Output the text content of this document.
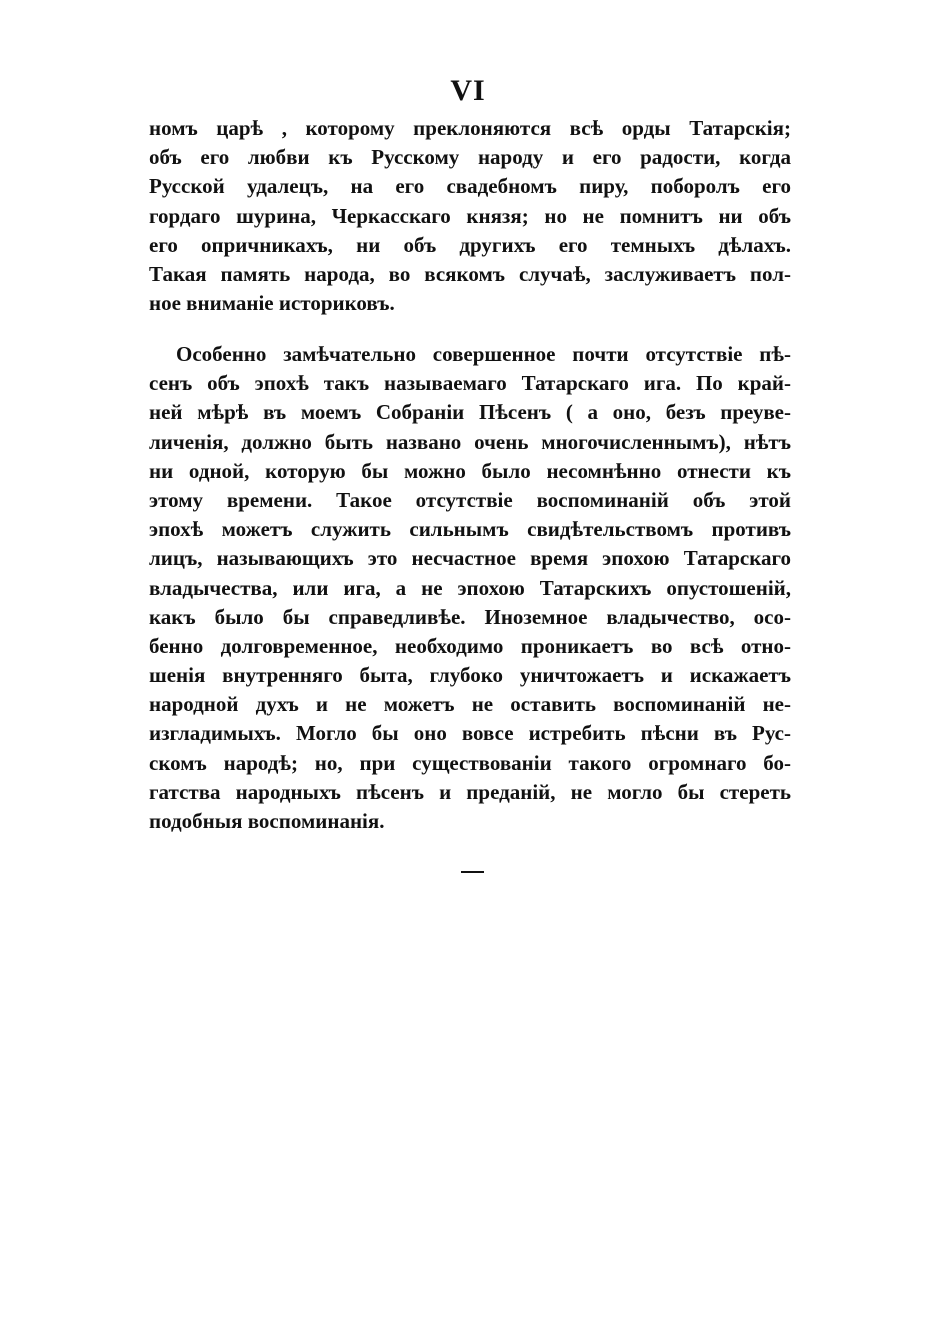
VI
номъ царѣ , которому преклоняются всѣ орды Татарскія;
объ его любви къ Русскому народу и его радости, когда
Русской удалецъ, на его свадебномъ пиру, поборолъ его
гордаго шурина, Черкасскаго князя; но не помнитъ ни объ
его опричникахъ, ни объ другихъ его темныхъ дѣлахъ.
Такая память народа, во всякомъ случаѣ, заслуживаетъ пол-
ное вниманіе историковъ.
Особенно замѣчательно совершенное почти отсутствіе пѣ-
сенъ объ эпохѣ такъ называемаго Татарскаго ига. По край-
ней мѣрѣ въ моемъ Собраніи Пѣсенъ ( а оно, безъ преуве-
личенія, должно быть названо очень многочисленнымъ), нѣтъ
ни одной, которую бы можно было несомнѣнно отнести къ
этому времени. Такое отсутствіе воспоминаній объ этой
эпохѣ можетъ служить сильнымъ свидѣтельствомъ противъ
лицъ, называющихъ это несчастное время эпохою Татарскаго
владычества, или ига, а не эпохою Татарскихъ опустошеній,
какъ было бы справедливѣе. Иноземное владычество, осо-
бенно долговременное, необходимо проникаетъ во всѣ отно-
шенія внутренняго быта, глубоко уничтожаетъ и искажаетъ
народной духъ и не можетъ не оставить воспоминаній не-
изгладимыхъ. Могло бы оно вовсе истребить пѣсни въ Рус-
скомъ народѣ; но, при существованіи такого огромнаго бо-
гатства народныхъ пѣсенъ и преданій, не могло бы стереть
подобныя воспоминанія.
